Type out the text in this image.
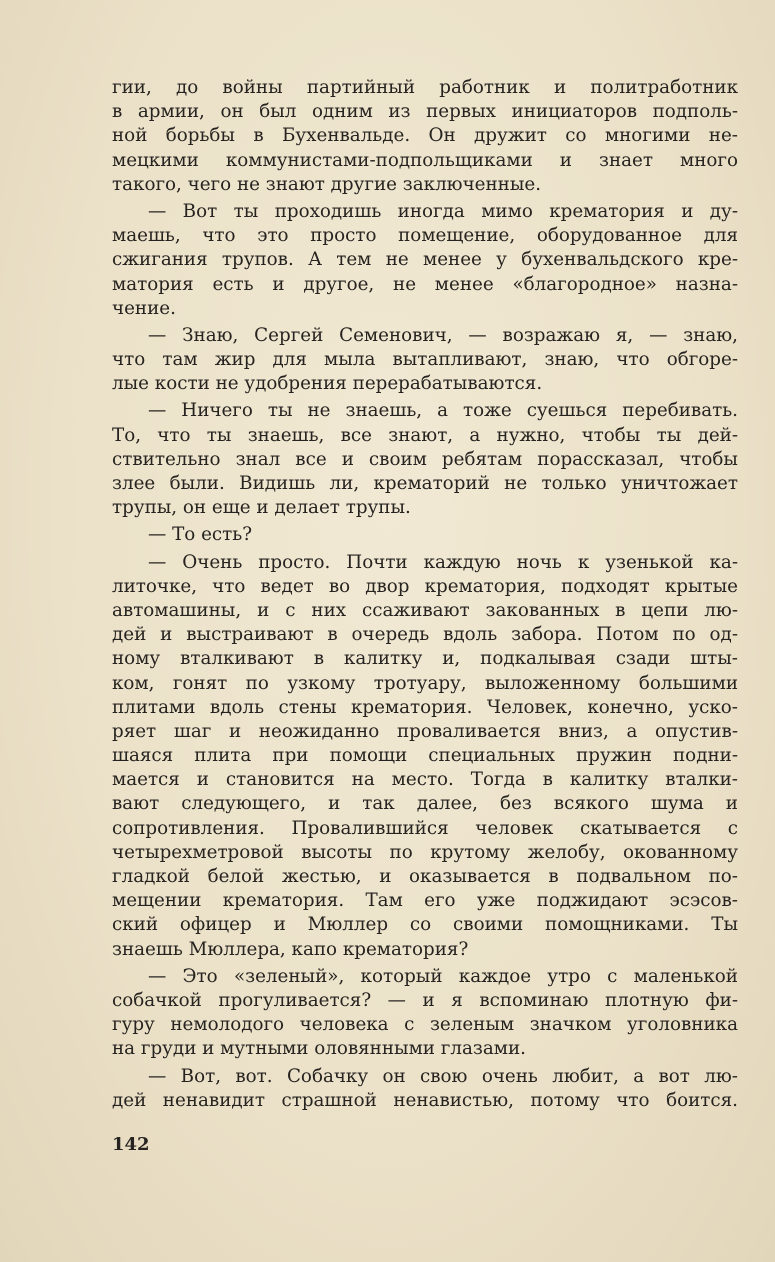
гии, до войны партийный работник и политработник
в армии, он был одним из первых инициаторов подполь-
ной борьбы в Бухенвальде. Он дружит со многими не-
мецкими коммунистами-подпольщиками и знает много
такого, чего не знают другие заключенные.
— Вот ты проходишь иногда мимо крематория и ду-
маешь, что это просто помещение, оборудованное для
сжигания трупов. А тем не менее у бухенвальдского кре-
матория есть и другое, не менее «благородное» назна-
чение.
— Знаю, Сергей Семенович, — возражаю я, — знаю,
что там жир для мыла вытапливают, знаю, что обгоре-
лые кости не удобрения перерабатываются.
— Ничего ты не знаешь, а тоже суешься перебивать.
То, что ты знаешь, все знают, а нужно, чтобы ты дей-
ствительно знал все и своим ребятам порассказал, чтобы
злее были. Видишь ли, крематорий не только уничтожает
трупы, он еще и делает трупы.
— То есть?
— Очень просто. Почти каждую ночь к узенькой ка-
литочке, что ведет во двор крематория, подходят крытые
автомашины, и с них ссаживают закованных в цепи лю-
дей и выстраивают в очередь вдоль забора. Потом по од-
ному вталкивают в калитку и, подкалывая сзади шты-
ком, гонят по узкому тротуару, выложенному большими
плитами вдоль стены крематория. Человек, конечно, уско-
ряет шаг и неожиданно проваливается вниз, а опустив-
шаяся плита при помощи специальных пружин подни-
мается и становится на место. Тогда в калитку вталки-
вают следующего, и так далее, без всякого шума и
сопротивления. Провалившийся человек скатывается с
четырехметровой высоты по крутому желобу, окованному
гладкой белой жестью, и оказывается в подвальном по-
мещении крематория. Там его уже поджидают эсэсов-
ский офицер и Мюллер со своими помощниками. Ты
знаешь Мюллера, капо крематория?
— Это «зеленый», который каждое утро с маленькой
собачкой прогуливается? — и я вспоминаю плотную фи-
гуру немолодого человека с зеленым значком уголовника
на груди и мутными оловянными глазами.
— Вот, вот. Собачку он свою очень любит, а вот лю-
дей ненавидит страшной ненавистью, потому что боится.
142
